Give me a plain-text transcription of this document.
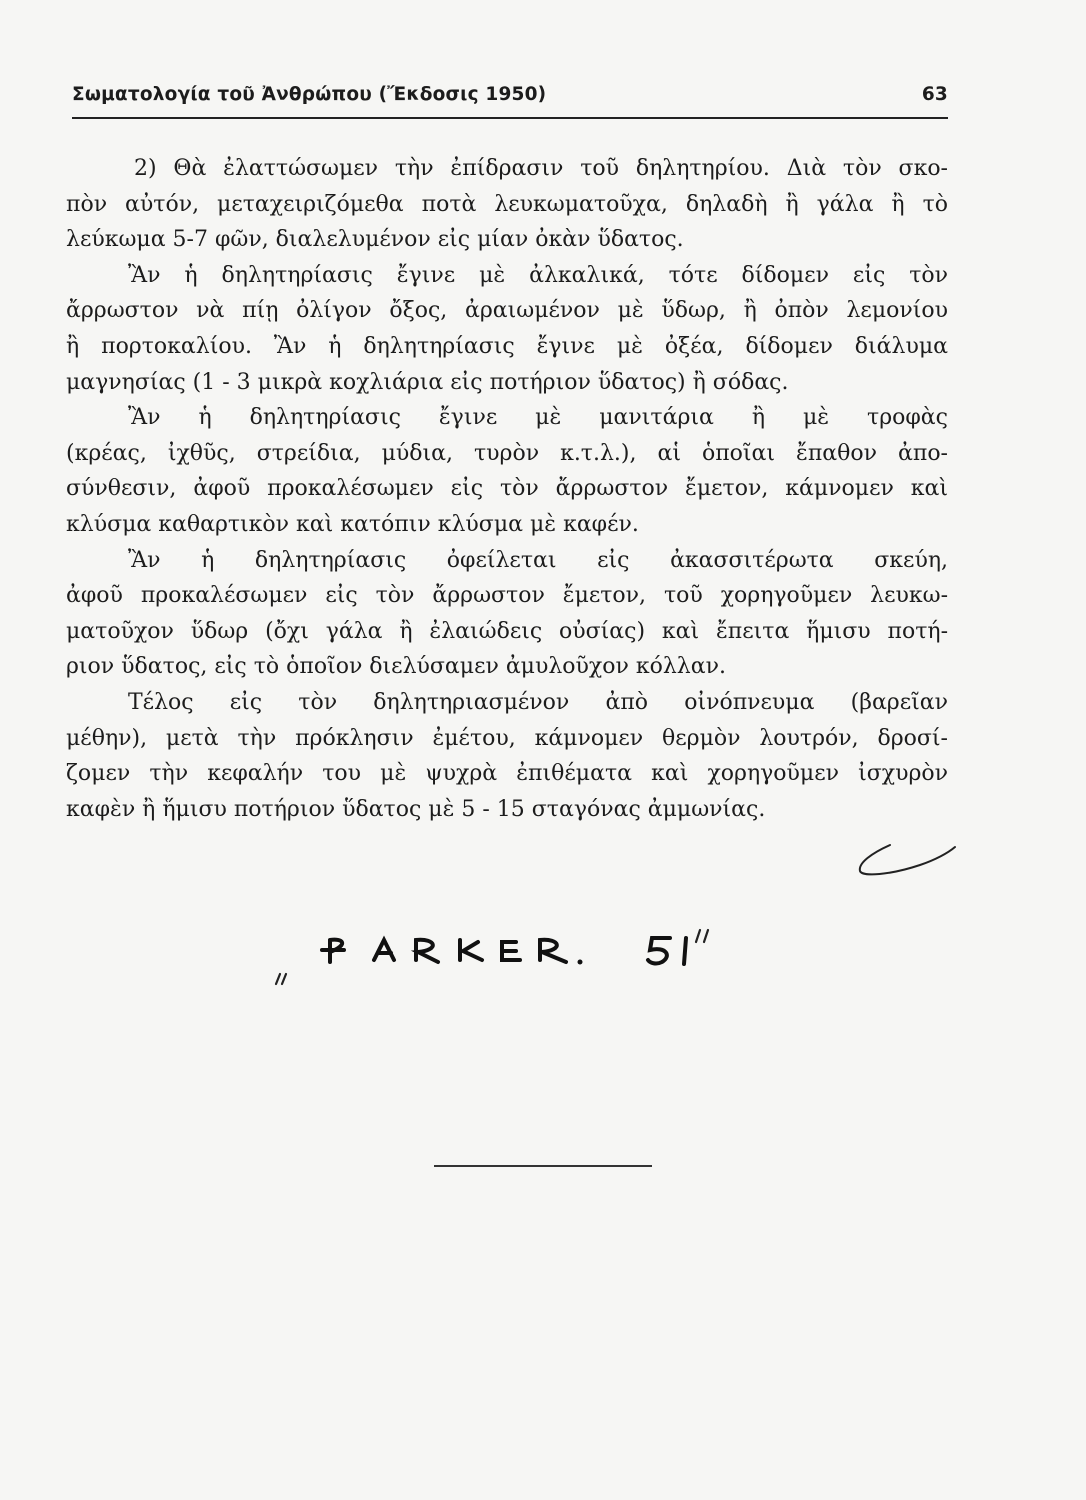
Σωματολογία τοῦ Ἀνθρώπου (Ἔκδοσις 1950)	63
2) Θὰ ἐλαττώσωμεν τὴν ἐπίδρασιν τοῦ δηλητηρίου. Διὰ τὸν σκο-
πὸν αὐτόν, μεταχειριζόμεθα ποτὰ λευκωματοῦχα, δηλαδὴ ἢ γάλα ἢ τὸ
λεύκωμα 5-7 φῶν, διαλελυμένον εἰς μίαν ὀκὰν ὕδατος.
Ἂν ἡ δηλητηρίασις ἔγινε μὲ ἀλκαλικά, τότε δίδομεν εἰς τὸν
ἄρρωστον νὰ πίῃ ὀλίγον ὄξος, ἀραιωμένον μὲ ὕδωρ, ἢ ὀπὸν λεμονίου
ἢ πορτοκαλίου. Ἂν ἡ δηλητηρίασις ἔγινε μὲ ὀξέα, δίδομεν διάλυμα
μαγνησίας (1 - 3 μικρὰ κοχλιάρια εἰς ποτήριον ὕδατος) ἢ σόδας.
Ἂν ἡ δηλητηρίασις ἔγινε μὲ μανιτάρια ἢ μὲ τροφὰς
(κρέας, ἰχθῦς, στρείδια, μύδια, τυρὸν κ.τ.λ.), αἱ ὁποῖαι ἔπαθον ἀπο-
σύνθεσιν, ἀφοῦ προκαλέσωμεν εἰς τὸν ἄρρωστον ἔμετον, κάμνομεν καὶ
κλύσμα καθαρτικὸν καὶ κατόπιν κλύσμα μὲ καφέν.
Ἂν ἡ δηλητηρίασις ὀφείλεται εἰς ἀκασσιτέρωτα σκεύη,
ἀφοῦ προκαλέσωμεν εἰς τὸν ἄρρωστον ἔμετον, τοῦ χορηγοῦμεν λευκω-
ματοῦχον ὕδωρ (ὄχι γάλα ἢ ἐλαιώδεις οὐσίας) καὶ ἔπειτα ἥμισυ ποτή-
ριον ὕδατος, εἰς τὸ ὁποῖον διελύσαμεν ἀμυλοῦχον κόλλαν.
Τέλος εἰς τὸν δηλητηριασμένον ἀπὸ οἰνόπνευμα (βαρεῖαν
μέθην), μετὰ τὴν πρόκλησιν ἐμέτου, κάμνομεν θερμὸν λουτρόν, δροσί-
ζομεν τὴν κεφαλήν του μὲ ψυχρὰ ἐπιθέματα καὶ χορηγοῦμεν ἰσχυρὸν
καφὲν ἢ ἥμισυ ποτήριον ὕδατος μὲ 5 - 15 σταγόνας ἀμμωνίας.
